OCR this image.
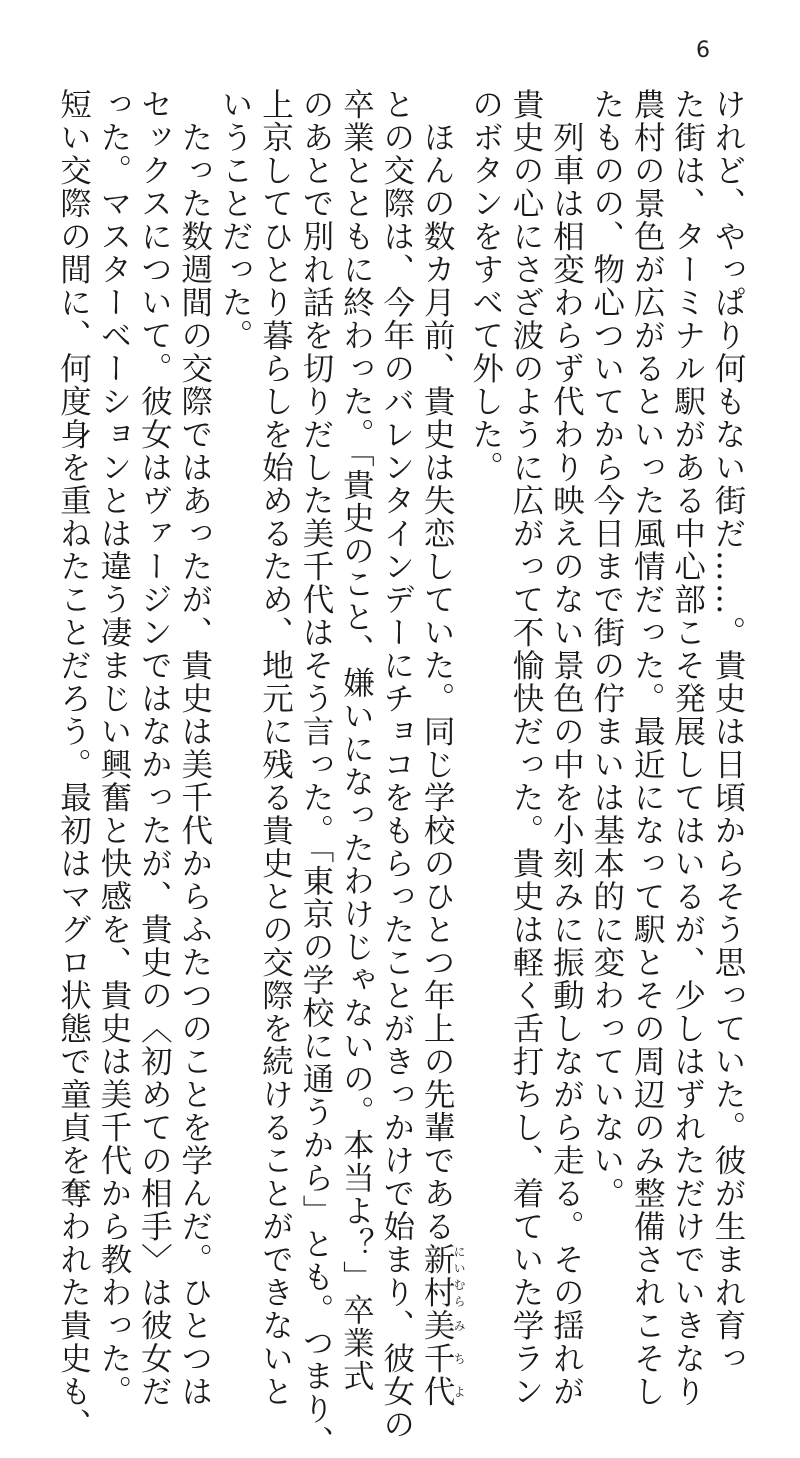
6

けれど、やっぱり何もない街だ……。貴史は日頃からそう思っていた。彼が生まれ育っ

た街は、ターミナル駅がある中心部こそ発展してはいるが、少しはずれただけでいきなり

農村の景色が広がるといった風情だった。最近になって駅とその周辺のみ整備されこそし

たものの、物心ついてから今日まで街の佇まいは基本的に変わっていない。

　列車は相変わらず代わり映えのない景色の中を小刻みに振動しながら走る。その揺れが

貴史の心にさざ波のように広がって不愉快だった。貴史は軽く舌打ちし、着ていた学ラン

のボタンをすべて外した。

　ほんの数カ月前、貴史は失恋していた。同じ学校のひとつ年上の先輩である新村にいむら美千代みちよ

との交際は、今年のバレンタインデーにチョコをもらったことがきっかけで始まり、彼女の

卒業とともに終わった。「貴史のこと、嫌いになったわけじゃないの。本当よ？」卒業式

のあとで別れ話を切りだした美千代はそう言った。「東京の学校に通うから」とも。つまり、

上京してひとり暮らしを始めるため、地元に残る貴史との交際を続けることができないと

いうことだった。

　たった数週間の交際ではあったが、貴史は美千代からふたつのことを学んだ。ひとつは

セックスについて。彼女はヴァージンではなかったが、貴史の〈初めての相手〉は彼女だ

った。マスターベーションとは違う凄まじい興奮と快感を、貴史は美千代から教わった。

短い交際の間に、何度身を重ねたことだろう。最初はマグロ状態で童貞を奪われた貴史も、
